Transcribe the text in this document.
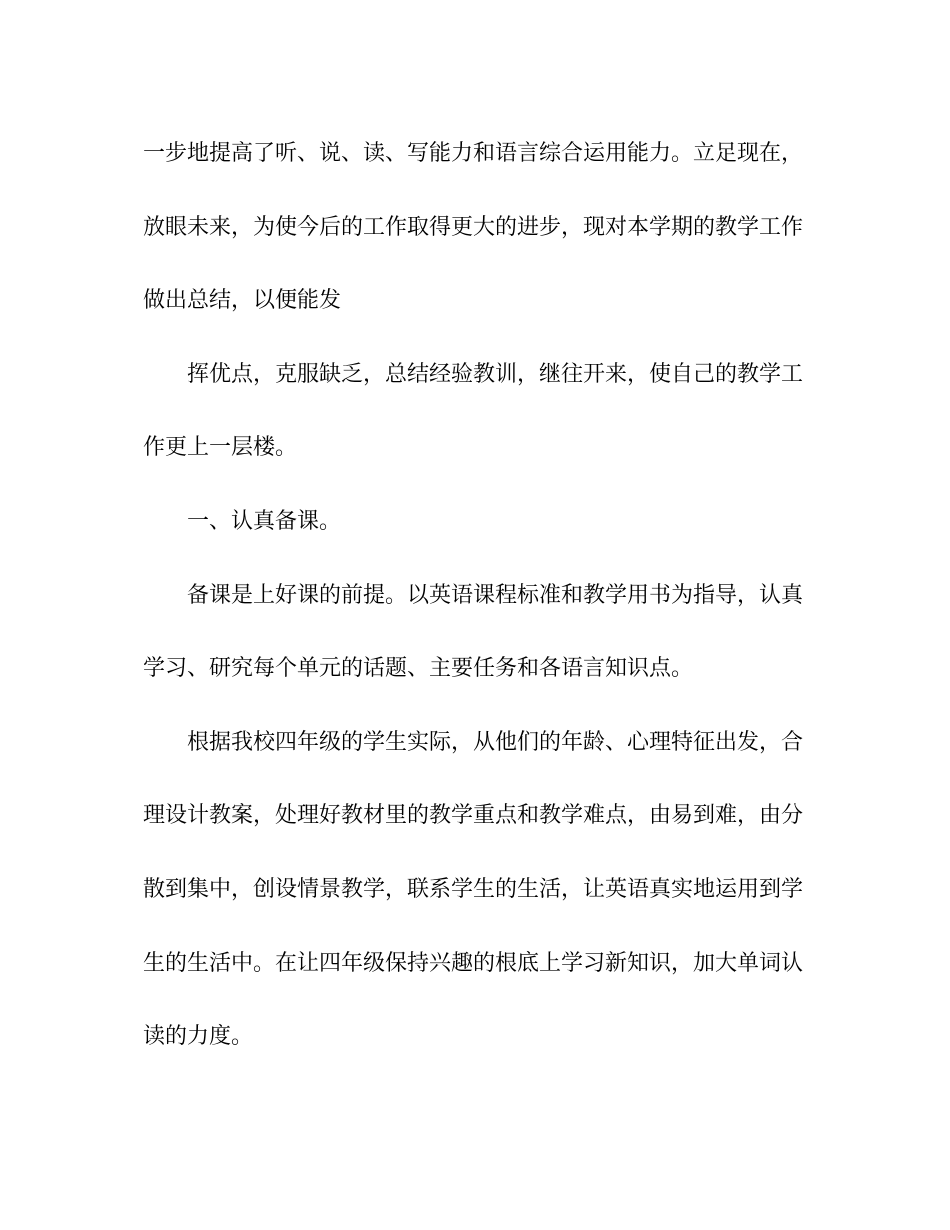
一步地提高了听、说、读、写能力和语言综合运用能力。立足现在，
放眼未来，为使今后的工作取得更大的进步，现对本学期的教学工作
做出总结，以便能发
挥优点，克服缺乏，总结经验教训，继往开来，使自己的教学工
作更上一层楼。
一、认真备课。
备课是上好课的前提。以英语课程标准和教学用书为指导，认真
学习、研究每个单元的话题、主要任务和各语言知识点。
根据我校四年级的学生实际，从他们的年龄、心理特征出发，合
理设计教案，处理好教材里的教学重点和教学难点，由易到难，由分
散到集中，创设情景教学，联系学生的生活，让英语真实地运用到学
生的生活中。在让四年级保持兴趣的根底上学习新知识，加大单词认
读的力度。
